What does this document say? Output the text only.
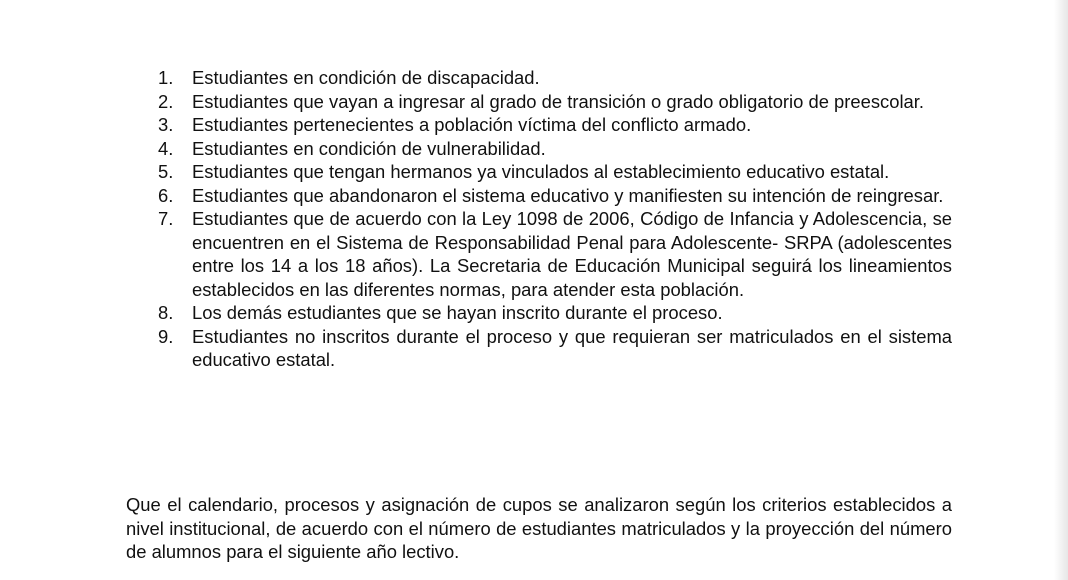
1.	Estudiantes en condición de discapacidad.
2.	Estudiantes que vayan a ingresar al grado de transición o grado obligatorio de preescolar.
3.	Estudiantes pertenecientes a población víctima del conflicto armado.
4.	Estudiantes en condición de vulnerabilidad.
5.	Estudiantes que tengan hermanos ya vinculados al establecimiento educativo estatal.
6.	Estudiantes que abandonaron el sistema educativo y manifiesten su intención de reingresar.
7.	Estudiantes que de acuerdo con la Ley 1098 de 2006, Código de Infancia y Adolescencia, se encuentren en el Sistema de Responsabilidad Penal para Adolescente- SRPA (adolescentes entre los 14 a los 18 años). La Secretaria de Educación Municipal seguirá los lineamientos establecidos en las diferentes normas, para atender esta población.
8.	Los demás estudiantes que se hayan inscrito durante el proceso.
9.	Estudiantes no inscritos durante el proceso y que requieran ser matriculados en el sistema educativo estatal.

Que el calendario, procesos y asignación de cupos se analizaron según los criterios establecidos a nivel institucional, de acuerdo con el número de estudiantes matriculados y la proyección del número de alumnos para el siguiente año lectivo.
